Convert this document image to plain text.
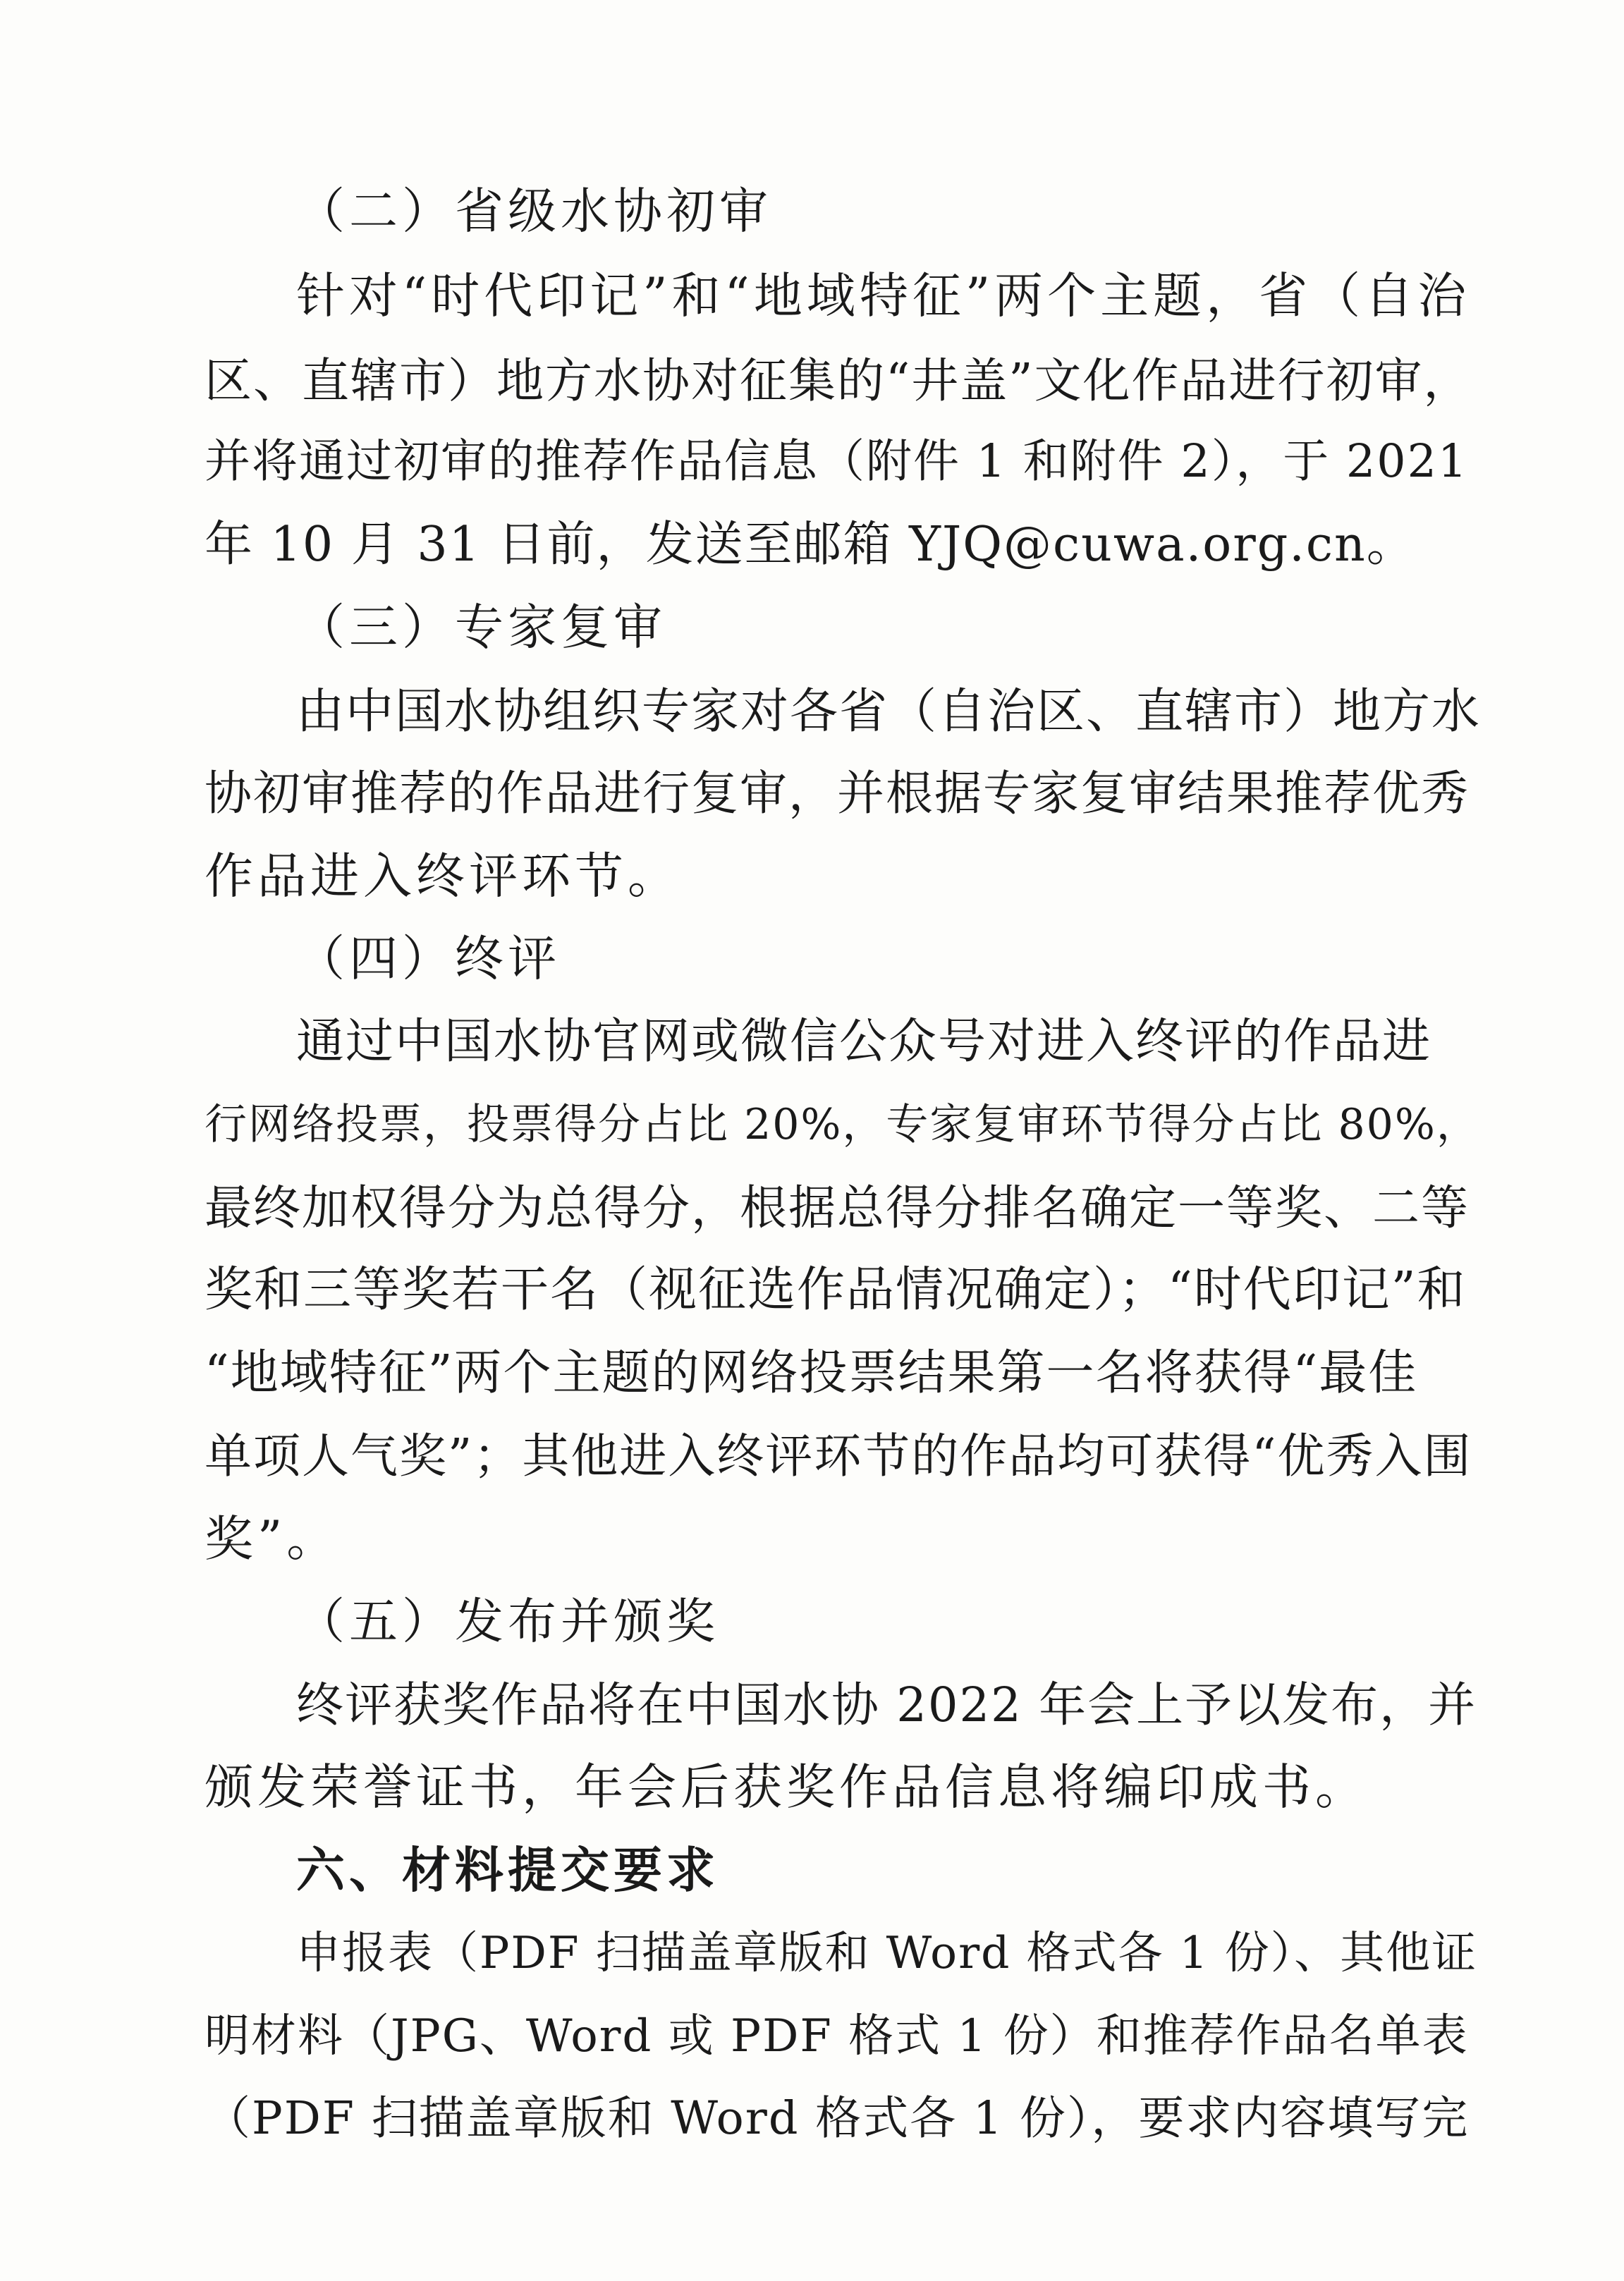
（二）省级水协初审
针对“时代印记”和“地域特征”两个主题，省（自治
区、直辖市）地方水协对征集的“井盖”文化作品进行初审，
并将通过初审的推荐作品信息（附件 1 和附件 2），于 2021
年 10 月 31 日前，发送至邮箱 YJQ@cuwa.org.cn。
（三）专家复审
由中国水协组织专家对各省（自治区、直辖市）地方水
协初审推荐的作品进行复审，并根据专家复审结果推荐优秀
作品进入终评环节。
（四）终评
通过中国水协官网或微信公众号对进入终评的作品进
行网络投票，投票得分占比 20%，专家复审环节得分占比 80%，
最终加权得分为总得分，根据总得分排名确定一等奖、二等
奖和三等奖若干名（视征选作品情况确定）；“时代印记”和
“地域特征”两个主题的网络投票结果第一名将获得“最佳
单项人气奖”；其他进入终评环节的作品均可获得“优秀入围
奖”。
（五）发布并颁奖
终评获奖作品将在中国水协 2022 年会上予以发布，并
颁发荣誉证书，年会后获奖作品信息将编印成书。
六、材料提交要求
申报表（PDF 扫描盖章版和 Word 格式各 1 份）、其他证
明材料（JPG、Word 或 PDF 格式 1 份）和推荐作品名单表
（PDF 扫描盖章版和 Word 格式各 1 份），要求内容填写完
